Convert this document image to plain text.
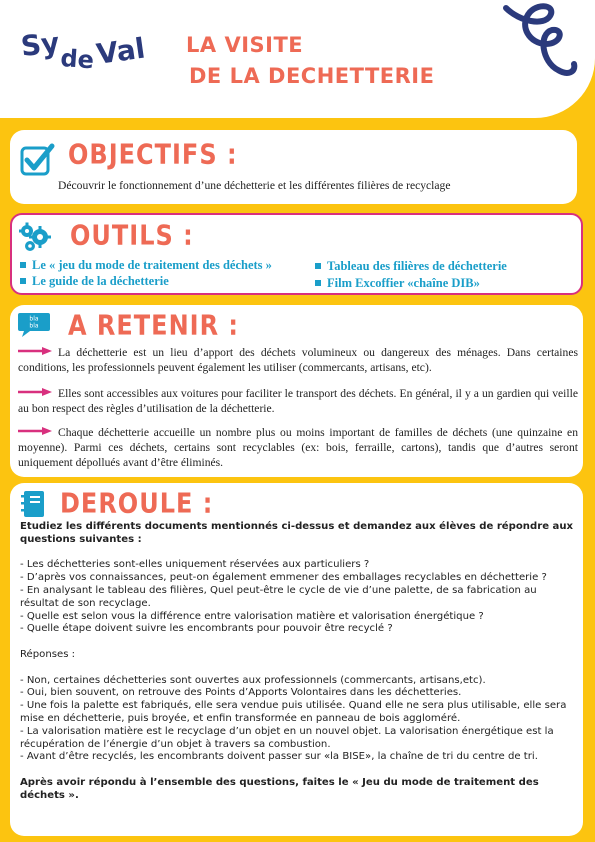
Sy
de Val LA VISITE
DE LA DECHETTERIE
OBJECTIFS :
Découvrir le fonctionnement d’une déchetterie et les différentes filières de recyclage
OUTILS :
Le « jeu du mode de traitement des déchets »
Le guide de la déchetterie
Tableau des filières de déchetterie
Film Excoffier «chaîne DIB»
bla
bla A RETENIR :
La déchetterie est un lieu d’apport des déchets volumineux ou dangereux des ménages. Dans certaines conditions, les professionnels peuvent également les utiliser (commercants, artisans, etc).
Elles sont accessibles aux voitures pour faciliter le transport des déchets. En général, il y a un gardien qui veille au bon respect des règles d’utilisation de la déchetterie.
Chaque déchetterie accueille un nombre plus ou moins important de familles de déchets (une quinzaine en moyenne). Parmi ces déchets, certains sont recyclables (ex: bois, ferraille, cartons), tandis que d’autres seront uniquement dépollués avant d’être éliminés.
DEROULE :

Etudiez les différents documents mentionnés ci-dessus et demandez aux élèves de répondre aux questions suivantes :

- Les déchetteries sont-elles uniquement réservées aux particuliers ?

- D’après vos connaissances, peut-on également emmener des emballages recyclables en déchetterie ?

- En analysant le tableau des filières, Quel peut-être le cycle de vie d’une palette, de sa fabrication au résultat de son recyclage.

- Quelle est selon vous la différence entre valorisation matière et valorisation énergétique ?

- Quelle étape doivent suivre les encombrants pour pouvoir être recyclé ?

Réponses :

- Non, certaines déchetteries sont ouvertes aux professionnels (commercants, artisans,etc).

- Oui, bien souvent, on retrouve des Points d’Apports Volontaires dans les déchetteries.

- Une fois la palette est fabriqués, elle sera vendue puis utilisée. Quand elle ne sera plus utilisable, elle sera mise en déchetterie, puis broyée, et enfin transformée en panneau de bois aggloméré.

- La valorisation matière est le recyclage d’un objet en un nouvel objet. La valorisation énergétique est la récupération de l’énergie d’un objet à travers sa combustion.

- Avant d’être recyclés, les encombrants doivent passer sur «la BISE», la chaîne de tri du centre de tri.

Après avoir répondu à l’ensemble des questions, faites le « Jeu du mode de traitement des déchets ».
